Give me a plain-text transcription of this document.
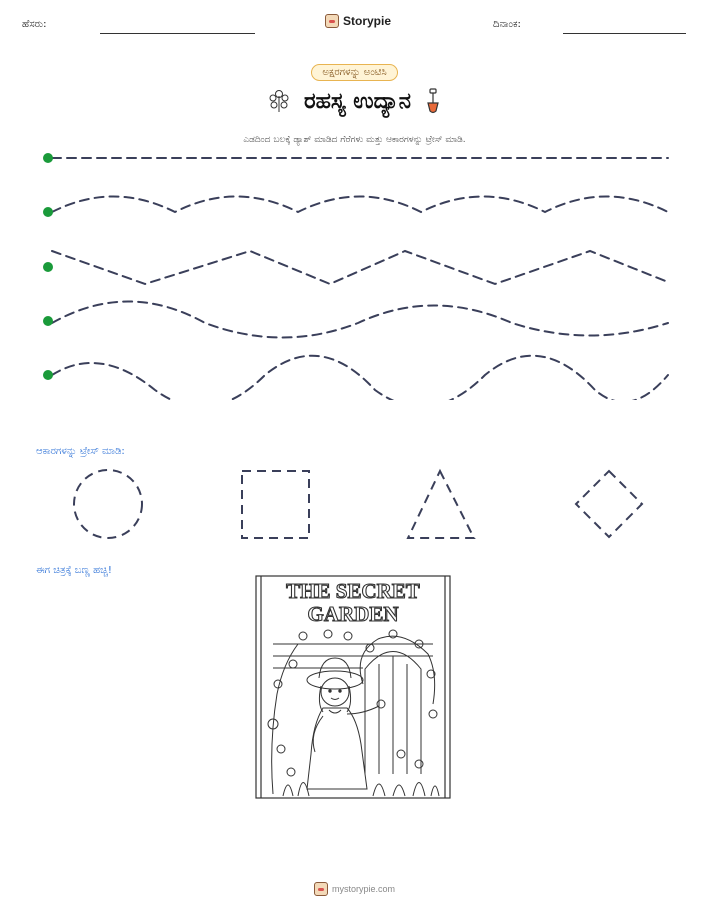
ಹೆಸರು:	Storypie	ದಿನಾಂಕ:
ಅಕ್ಷರಗಳನ್ನು ಅಂಟಿಸಿ
ರಹಸ್ಯ ಉದ್ಯಾನ
ಎಡದಿಂದ ಬಲಕ್ಕೆ ಡ್ಯಾಶ್ ಮಾಡಿದ ಗೆರೆಗಳು ಮತ್ತು ಆಕಾರಗಳನ್ನು ಟ್ರೇಸ್ ಮಾಡಿ.
ಆಕಾರಗಳನ್ನು ಟ್ರೇಸ್ ಮಾಡಿ:
ಈಗ ಚಿತ್ರಕ್ಕೆ ಬಣ್ಣ ಹಚ್ಚಿ!
THE SECRET
GARDEN
mystorypie.com
